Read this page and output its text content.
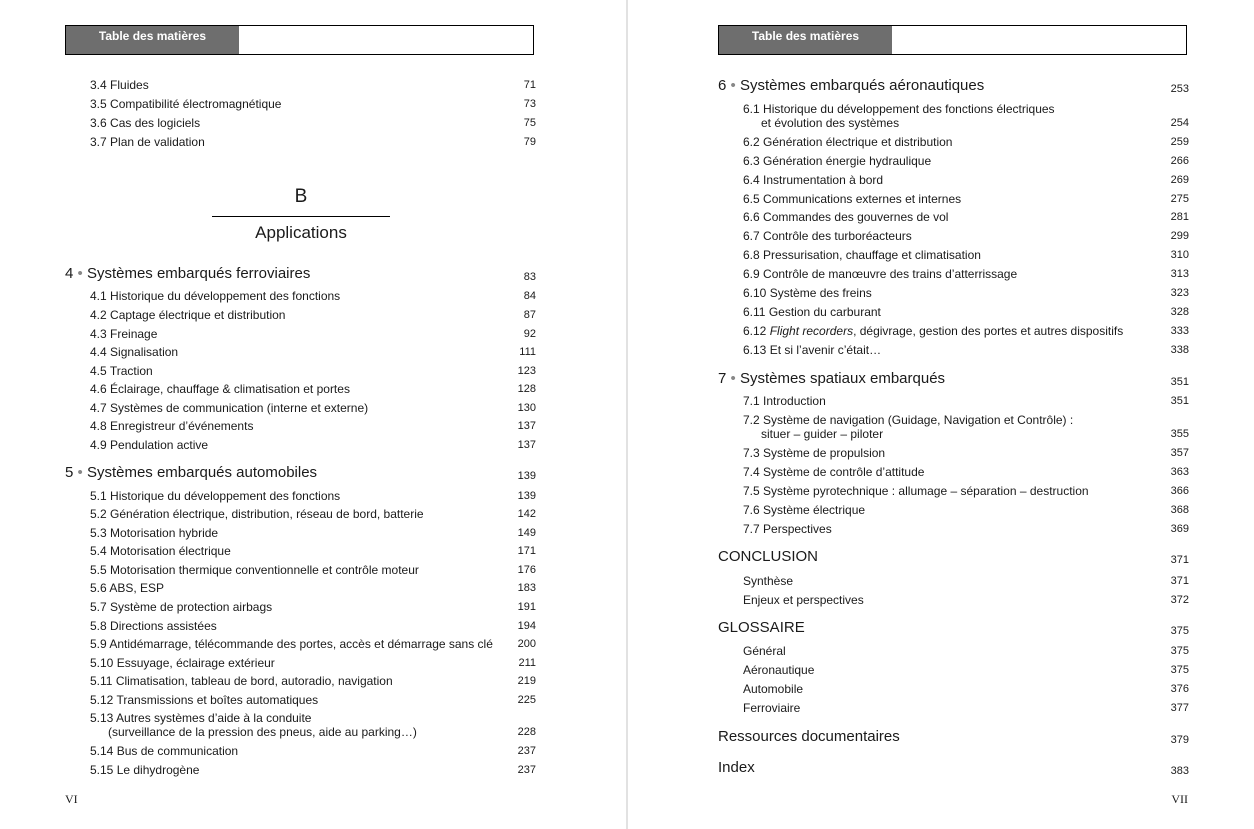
Table des matières
3.4 Fluides	71
3.5 Compatibilité électromagnétique	73
3.6 Cas des logiciels	75
3.7 Plan de validation	79
4 • Systèmes embarqués ferroviaires	83
4.1 Historique du développement des fonctions	84
4.2 Captage électrique et distribution	87
4.3 Freinage	92
4.4 Signalisation	111
4.5 Traction	123
4.6 Éclairage, chauffage & climatisation et portes	128
4.7 Systèmes de communication (interne et externe)	130
4.8 Enregistreur d’événements	137
4.9 Pendulation active	137
5 • Systèmes embarqués automobiles	139
5.1 Historique du développement des fonctions	139
5.2 Génération électrique, distribution, réseau de bord, batterie	142
5.3 Motorisation hybride	149
5.4 Motorisation électrique	171
5.5 Motorisation thermique conventionnelle et contrôle moteur	176
5.6 ABS, ESP	183
5.7 Système de protection airbags	191
5.8 Directions assistées	194
5.9 Antidémarrage, télécommande des portes, accès et démarrage sans clé 200
5.10 Essuyage, éclairage extérieur	211
5.11 Climatisation, tableau de bord, autoradio, navigation	219
5.12 Transmissions et boîtes automatiques	225
5.13 Autres systèmes d’aide à la conduite
(surveillance de la pression des pneus, aide au parking…)	228
5.14 Bus de communication	237
5.15 Le dihydrogène	237
B
Applications
VI
Table des matières
6 • Systèmes embarqués aéronautiques	253
6.1 Historique du développement des fonctions électriques
et évolution des systèmes	254
6.2 Génération électrique et distribution	259
6.3 Génération énergie hydraulique	266
6.4 Instrumentation à bord	269
6.5 Communications externes et internes	275
6.6 Commandes des gouvernes de vol	281
6.7 Contrôle des turboréacteurs	299
6.8 Pressurisation, chauffage et climatisation	310
6.9 Contrôle de manœuvre des trains d’atterrissage	313
6.10 Système des freins	323
6.11 Gestion du carburant	328
6.12 Flight recorders, dégivrage, gestion des portes et autres dispositifs	333
6.13 Et si l’avenir c’était…	338
7 • Systèmes spatiaux embarqués	351
7.1 Introduction	351
7.2 Système de navigation (Guidage, Navigation et Contrôle) :
situer – guider – piloter	355
7.3 Système de propulsion	357
7.4 Système de contrôle d’attitude	363
7.5 Système pyrotechnique : allumage – séparation – destruction	366
7.6 Système électrique	368
7.7 Perspectives	369
CONCLUSION	371
Synthèse	371
Enjeux et perspectives	372
GLOSSAIRE	375
Général	375
Aéronautique	375
Automobile	376
Ferroviaire	377
Ressources documentaires	379
Index	383
VII
